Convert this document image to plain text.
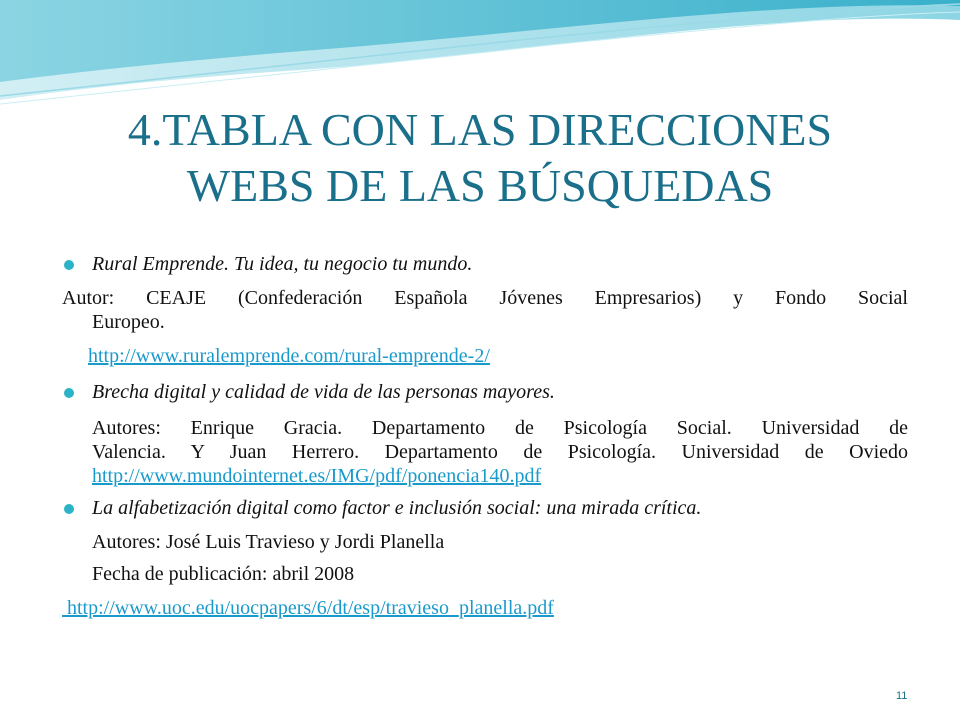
4.TABLA CON LAS DIRECCIONES
WEBS DE LAS BÚSQUEDAS
Rural Emprende. Tu idea, tu negocio tu mundo.
Autor: CEAJE (Confederación Española Jóvenes Empresarios) y Fondo Social
Europeo.
http://www.ruralemprende.com/rural-emprende-2/
Brecha digital y calidad de vida de las personas mayores.
Autores: Enrique Gracia. Departamento de Psicología Social. Universidad de
Valencia. Y Juan Herrero. Departamento de Psicología. Universidad de Oviedo
http://www.mundointernet.es/IMG/pdf/ponencia140.pdf
La alfabetización digital como factor e inclusión social: una mirada crítica.
Autores: José Luis Travieso y Jordi Planella
Fecha de publicación: abril 2008
http://www.uoc.edu/uocpapers/6/dt/esp/travieso_planella.pdf
11
